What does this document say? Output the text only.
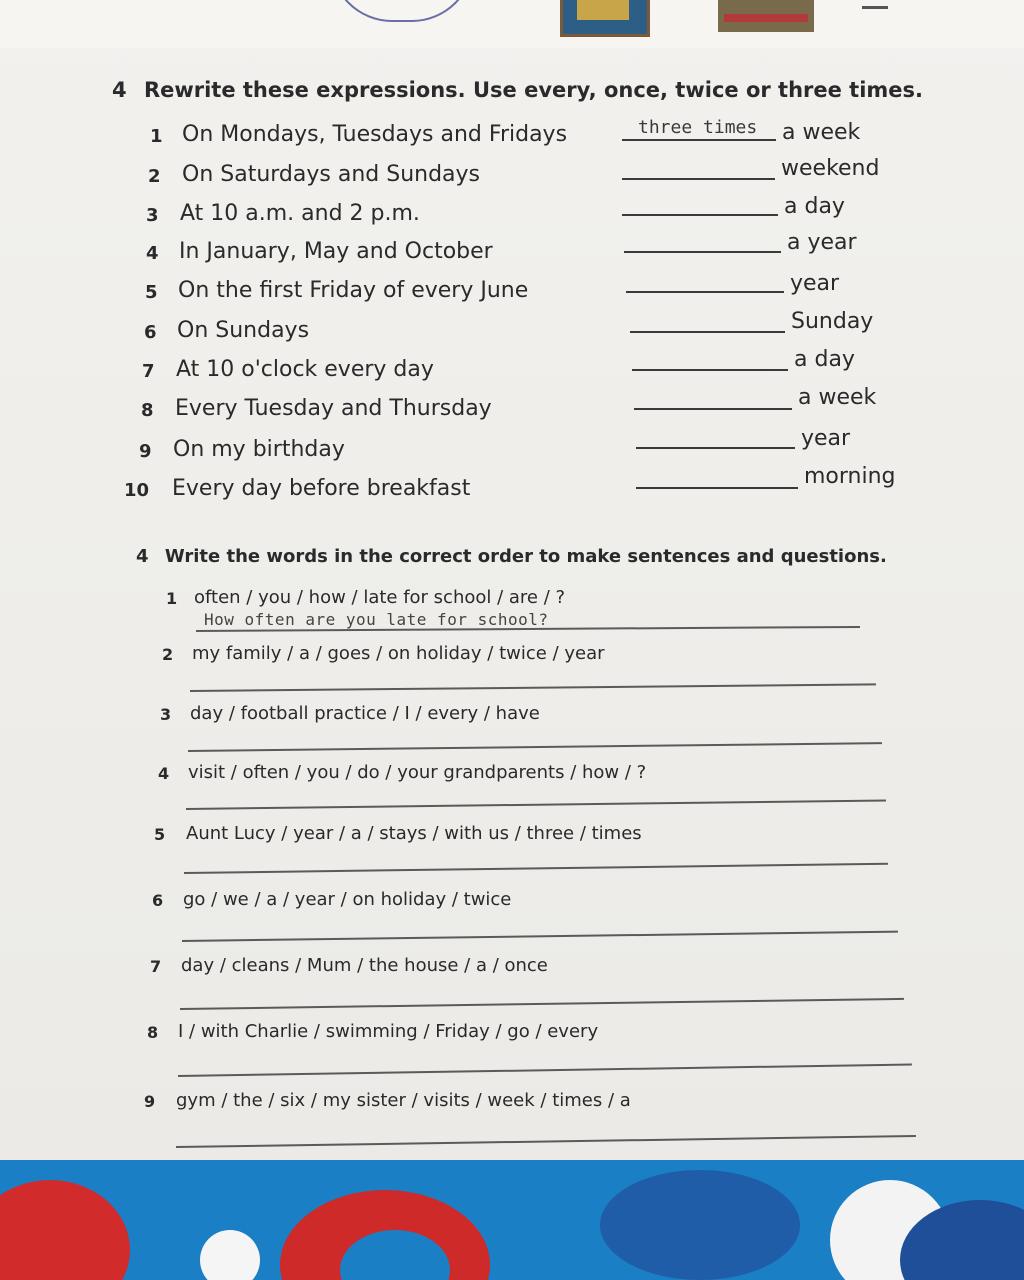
4 Rewrite these expressions. Use every, once, twice or three times.
1 On Mondays, Tuesdays and Fridays	three times a week
2 On Saturdays and Sundays	weekend
3 At 10 a.m. and 2 p.m.	a day
4 In January, May and October	a year
5 On the first Friday of every June	year
6 On Sundays	Sunday
7 At 10 o'clock every day	a day
8 Every Tuesday and Thursday	a week
9 On my birthday	year
10 Every day before breakfast	morning
4 Write the words in the correct order to make sentences and questions.
1 often / you / how / late for school / are / ?
How often are you late for school?
2 my family / a / goes / on holiday / twice / year
3 day / football practice / I / every / have
4 visit / often / you / do / your grandparents / how / ?
5 Aunt Lucy / year / a / stays / with us / three / times
6 go / we / a / year / on holiday / twice
7 day / cleans / Mum / the house / a / once
8 I / with Charlie / swimming / Friday / go / every
9 gym / the / six / my sister / visits / week / times / a
